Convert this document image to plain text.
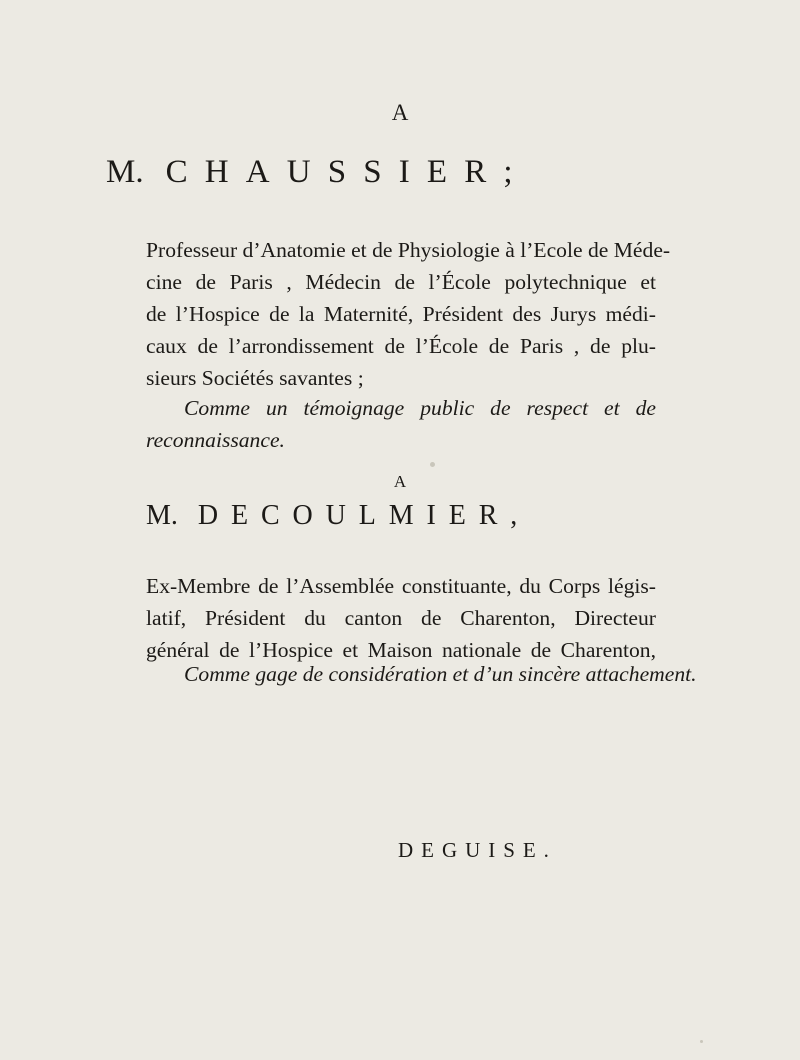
A
M. CHAUSSIER;
Professeur d’Anatomie et de Physiologie à l’Ecole de Méde-
cine de Paris , Médecin de l’École polytechnique et
de l’Hospice de la Maternité, Président des Jurys médi-
caux de l’arrondissement de l’École de Paris , de plu-
sieurs Sociétés savantes ;
Comme un témoignage public de respect et de
reconnaissance.
A
M. DECOULMIER,
Ex-Membre de l’Assemblée constituante, du Corps légis-
latif, Président du canton de Charenton, Directeur
général de l’Hospice et Maison nationale de Charenton,
Comme gage de considération et d’un sincère attachement.
DEGUISE.
